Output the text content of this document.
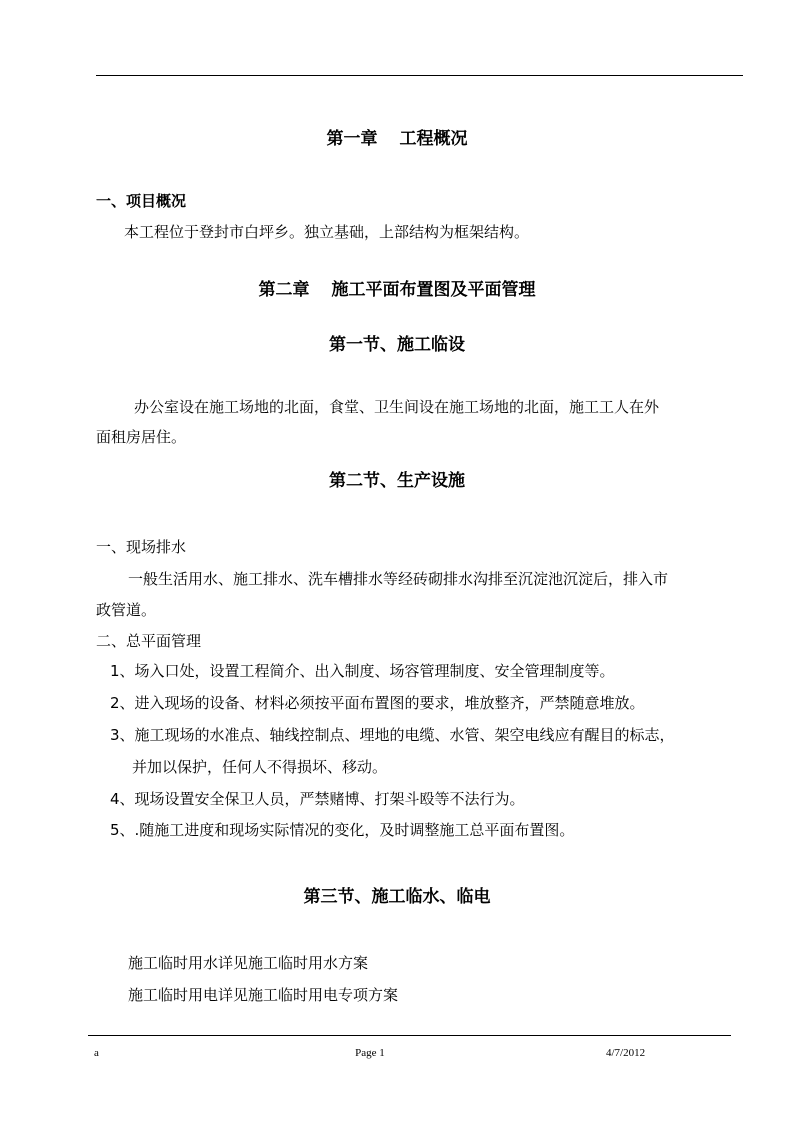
第一章 工程概况
一、项目概况
本工程位于登封市白坪乡。独立基础，上部结构为框架结构。
第二章 施工平面布置图及平面管理
第一节、施工临设
办公室设在施工场地的北面，食堂、卫生间设在施工场地的北面，施工工人在外
面租房居住。
第二节、生产设施
一、现场排水
一般生活用水、施工排水、洗车槽排水等经砖砌排水沟排至沉淀池沉淀后，排入市
政管道。
二、总平面管理
1、场入口处，设置工程简介、出入制度、场容管理制度、安全管理制度等。
2、进入现场的设备、材料必须按平面布置图的要求，堆放整齐，严禁随意堆放。
3、施工现场的水准点、轴线控制点、埋地的电缆、水管、架空电线应有醒目的标志，
并加以保护，任何人不得损坏、移动。
4、现场设置安全保卫人员，严禁赌博、打架斗殴等不法行为。
5、.随施工进度和现场实际情况的变化，及时调整施工总平面布置图。
第三节、施工临水、临电
施工临时用水详见施工临时用水方案
施工临时用电详见施工临时用电专项方案
a	Page 1	4/7/2012
